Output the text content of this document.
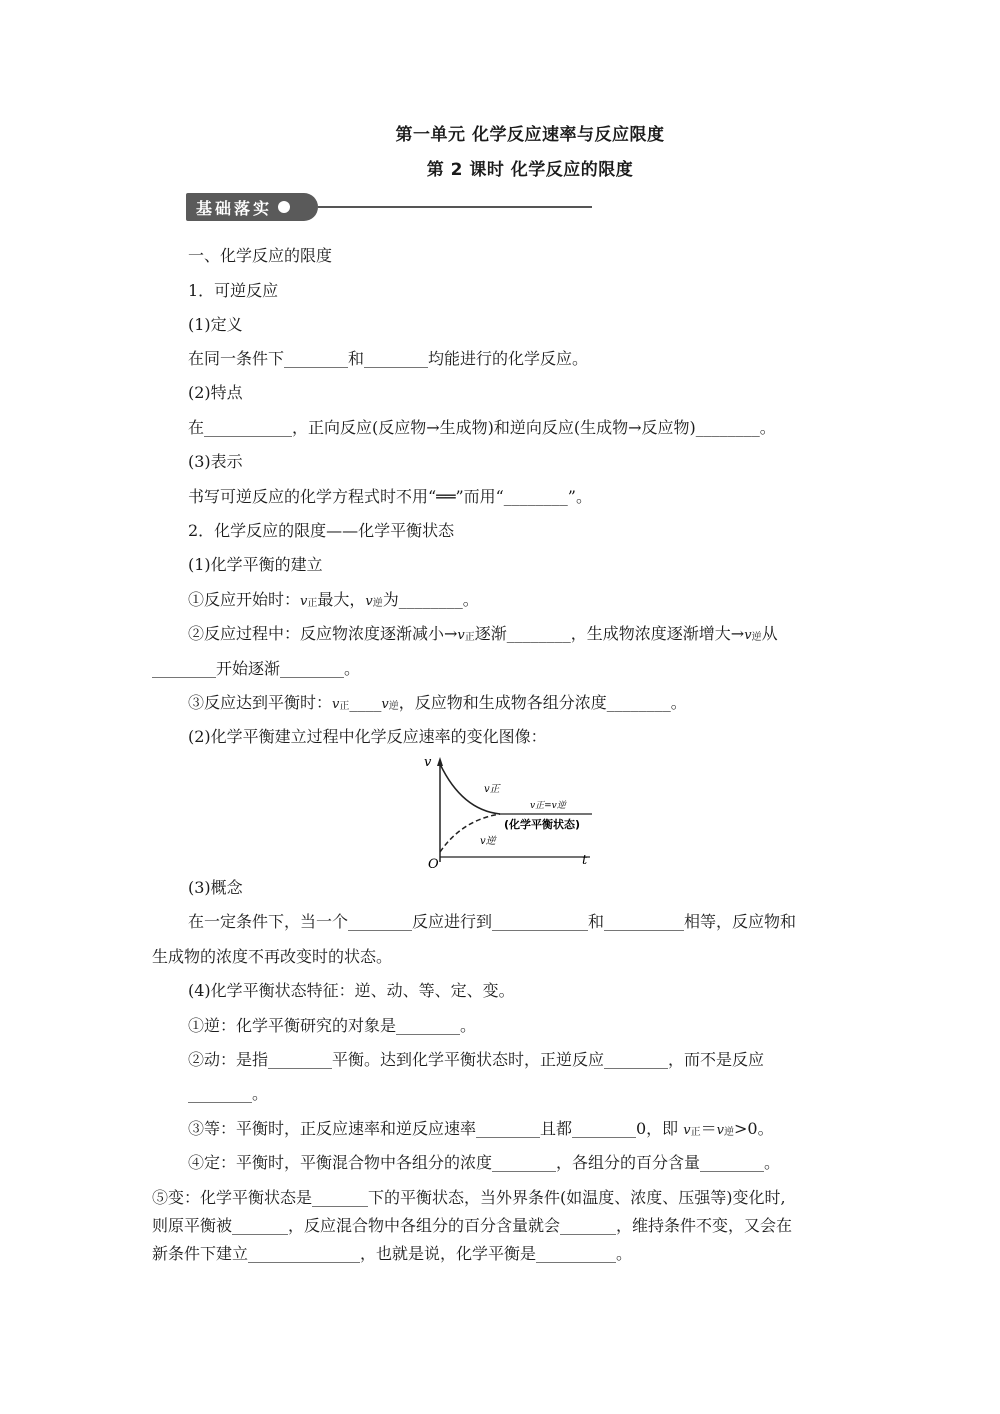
第一单元 化学反应速率与反应限度
第 2 课时 化学反应的限度
基础落实
一、化学反应的限度
1．可逆反应
(1)定义
在同一条件下________和________均能进行的化学反应。
(2)特点
在___________，正向反应(反应物→生成物)和逆向反应(生成物→反应物)________。
(3)表示
书写可逆反应的化学方程式时不用“══”而用“________”。
2．化学反应的限度——化学平衡状态
(1)化学平衡的建立
①反应开始时：v正最大，v逆为________。
②反应过程中：反应物浓度逐渐减小→v正逐渐________，生成物浓度逐渐增大→v逆从
________开始逐渐________。
③反应达到平衡时：v正____v逆，反应物和生成物各组分浓度________。
(2)化学平衡建立过程中化学反应速率的变化图像：
v
O	t
v正
v逆
v正=v逆
(化学平衡状态)
(3)概念
在一定条件下，当一个________反应进行到____________和__________相等，反应物和
生成物的浓度不再改变时的状态。
(4)化学平衡状态特征：逆、动、等、定、变。
①逆：化学平衡研究的对象是________。
②动：是指________平衡。达到化学平衡状态时，正逆反应________，而不是反应
________。
③等：平衡时，正反应速率和逆反应速率________且都________0，即 v正＝v逆>0。
④定：平衡时，平衡混合物中各组分的浓度________，各组分的百分含量________。
⑤变：化学平衡状态是_______下的平衡状态，当外界条件(如温度、浓度、压强等)变化时,
则原平衡被_______，反应混合物中各组分的百分含量就会_______，维持条件不变，又会在
新条件下建立______________，也就是说，化学平衡是__________。
